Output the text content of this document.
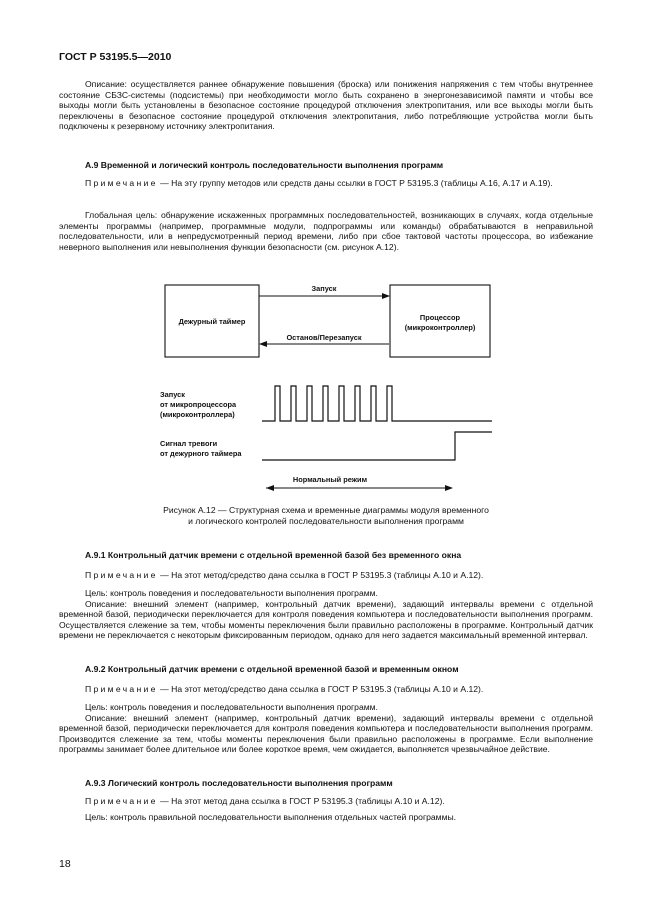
ГОСТ Р 53195.5—2010

Описание: осуществляется раннее обнаружение повышения (броска) или понижения напряжения с тем чтобы внутреннее состояние СБЗС-системы (подсистемы) при необходимости могло быть сохранено в энергонезависимой памяти и чтобы все выходы могли быть установлены в безопасное состояние процедурой отключения электропитания, или все выходы могли быть переключены в безопасное состояние процедурой отключения электропитания, либо потребляющие устройства могли быть подключены к резервному источнику электропитания.

А.9 Временной и логический контроль последовательности выполнения программ
Примечание — На эту группу методов или средств даны ссылки в ГОСТ Р 53195.3 (таблицы А.16, А.17 и А.19).

Глобальная цель: обнаружение искаженных программных последовательностей, возникающих в случаях, когда отдельные элементы программы (например, программные модули, подпрограммы или команды) обрабатываются в неправильной последовательности, или в непредусмотренный период времени, либо при сбое тактовой частоты процессора, во избежание неверного выполнения или невыполнения функции безопасности (см. рисунок А.12).

Дежурный таймер	Процессор
(микроконтроллер)
Запуск
Останов/Перезапуск
Запуск
от микропроцессора
(микроконтроллера)
Сигнал тревоги
от дежурного таймера
Нормальный режим
Рисунок А.12 — Структурная схема и временные диаграммы модуля временного
и логического контролей последовательности выполнения программ
А.9.1 Контрольный датчик времени с отдельной временной базой без временного окна
Примечание — На этот метод/средство дана ссылка в ГОСТ Р 53195.3 (таблицы А.10 и А.12).

Цель: контроль поведения и последовательности выполнения программ.

Описание: внешний элемент (например, контрольный датчик времени), задающий интервалы времени с отдельной временной базой, периодически переключается для контроля поведения компьютера и последовательности выполнения программ. Осуществляется слежение за тем, чтобы моменты переключения были правильно расположены в программе. Контрольный датчик времени не переключается с некоторым фиксированным периодом, однако для него задается максимальный временной интервал.

А.9.2 Контрольный датчик времени с отдельной временной базой и временным окном
Примечание — На этот метод/средство дана ссылка в ГОСТ Р 53195.3 (таблицы А.10 и А.12).

Цель: контроль поведения и последовательности выполнения программ.

Описание: внешний элемент (например, контрольный датчик времени), задающий интервалы времени с отдельной временной базой, периодически переключается для контроля поведения компьютера и последовательности выполнения программ. Производится слежение за тем, чтобы моменты переключения были правильно расположены в программе. Если выполнение программы занимает более длительное или более короткое время, чем ожидается, выполняется чрезвычайное действие.

А.9.3 Логический контроль последовательности выполнения программ
Примечание — На этот метод дана ссылка в ГОСТ Р 53195.3 (таблицы А.10 и А.12).

Цель: контроль правильной последовательности выполнения отдельных частей программы.

18
